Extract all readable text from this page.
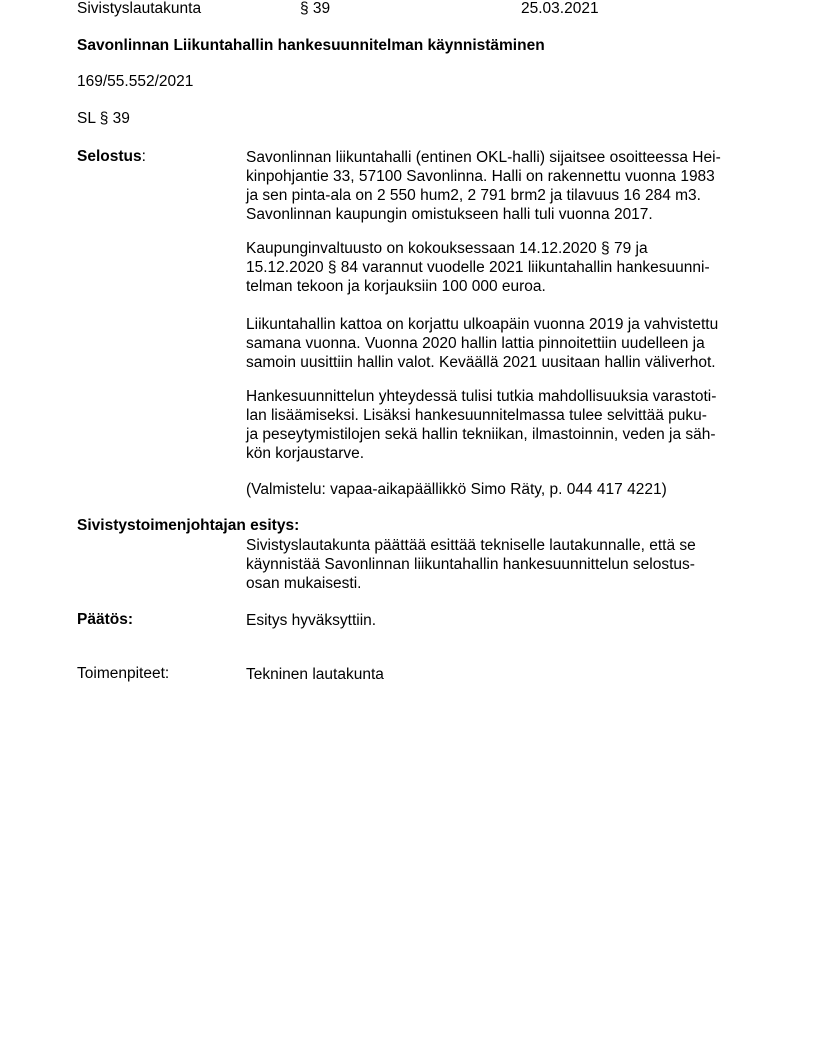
Sivistyslautakunta	§ 39	25.03.2021
Savonlinnan Liikuntahallin hankesuunnitelman käynnistäminen
169/55.552/2021
SL § 39
Selostus:	Savonlinnan liikuntahalli (entinen OKL-halli) sijaitsee osoitteessa Hei-
kinpohjantie 33, 57100 Savonlinna. Halli on rakennettu vuonna 1983
ja sen pinta-ala on 2 550 hum2, 2 791 brm2 ja tilavuus 16 284 m3.
Savonlinnan kaupungin omistukseen halli tuli vuonna 2017.
Kaupunginvaltuusto on kokouksessaan 14.12.2020 § 79 ja
15.12.2020 § 84 varannut vuodelle 2021 liikuntahallin hankesuunni-
telman tekoon ja korjauksiin 100 000 euroa.
Liikuntahallin kattoa on korjattu ulkoapäin vuonna 2019 ja vahvistettu
samana vuonna. Vuonna 2020 hallin lattia pinnoitettiin uudelleen ja
samoin uusittiin hallin valot. Keväällä 2021 uusitaan hallin väliverhot.
Hankesuunnittelun yhteydessä tulisi tutkia mahdollisuuksia varastoti-
lan lisäämiseksi. Lisäksi hankesuunnitelmassa tulee selvittää puku-
ja peseytymistilojen sekä hallin tekniikan, ilmastoinnin, veden ja säh-
kön korjaustarve.
(Valmistelu: vapaa-aikapäällikkö Simo Räty, p. 044 417 4221)
Sivistystoimenjohtajan esitys:
Sivistyslautakunta päättää esittää tekniselle lautakunnalle, että se
käynnistää Savonlinnan liikuntahallin hankesuunnittelun selostus-
osan mukaisesti.
Päätös:	Esitys hyväksyttiin.
Toimenpiteet:	Tekninen lautakunta
